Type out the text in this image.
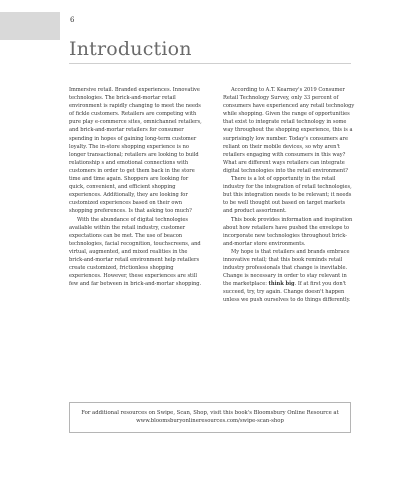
6
Introduction

Immersive retail. Branded experiences. Innovative technologies. The brick-and-mortar retail environment is rapidly changing to meet the needs of fickle customers. Retailers are competing with pure play e-commerce sites, omnichannel retailers, and brick-and-mortar retailers for consumer spending in hopes of gaining long-term customer loyalty. The in-store shopping experience is no longer transactional; retailers are looking to build relationship s and emotional connections with customers in order to get them back in the store time and time again. Shoppers are looking for quick, convenient, and efficient shopping experiences. Additionally, they are looking for customized experiences based on their own shopping preferences. Is that asking too much?

With the abundance of digital technologies available within the retail industry, customer expectations can be met. The use of beacon technologies, facial recognition, touchscreens, and virtual, augmented, and mixed realities in the brick-and-mortar retail environment help retailers create customized, frictionless shopping experiences. However, these experiences are still few and far between in brick-and-mortar shopping.

According to A.T. Kearney's 2019 Consumer Retail Technology Survey, only 33 percent of consumers have experienced any retail technology while shopping. Given the range of opportunities that exist to integrate retail technology in some way throughout the shopping experience, this is a surprisingly low number. Today's consumers are reliant on their mobile devices, so why aren't retailers engaging with consumers in this way? What are different ways retailers can integrate digital technologies into the retail environment?

There is a lot of opportunity in the retail industry for the integration of retail technologies, but this integration needs to be relevant; it needs to be well thought out based on target markets and product assortment.

This book provides information and inspiration about how retailers have pushed the envelope to incorporate new technologies throughout brick-and-mortar store environments.

My hope is that retailers and brands embrace innovative retail; that this book reminds retail industry professionals that change is inevitable. Change is necessary in order to stay relevant in the marketplace: think big. If at first you don't succeed, try, try again. Change doesn't happen unless we push ourselves to do things differently.

For additional resources on Swipe, Scan, Shop, visit this book's Bloomsbury Online Resource at
www.bloomsburyonlineresources.com/swipe-scan-shop
